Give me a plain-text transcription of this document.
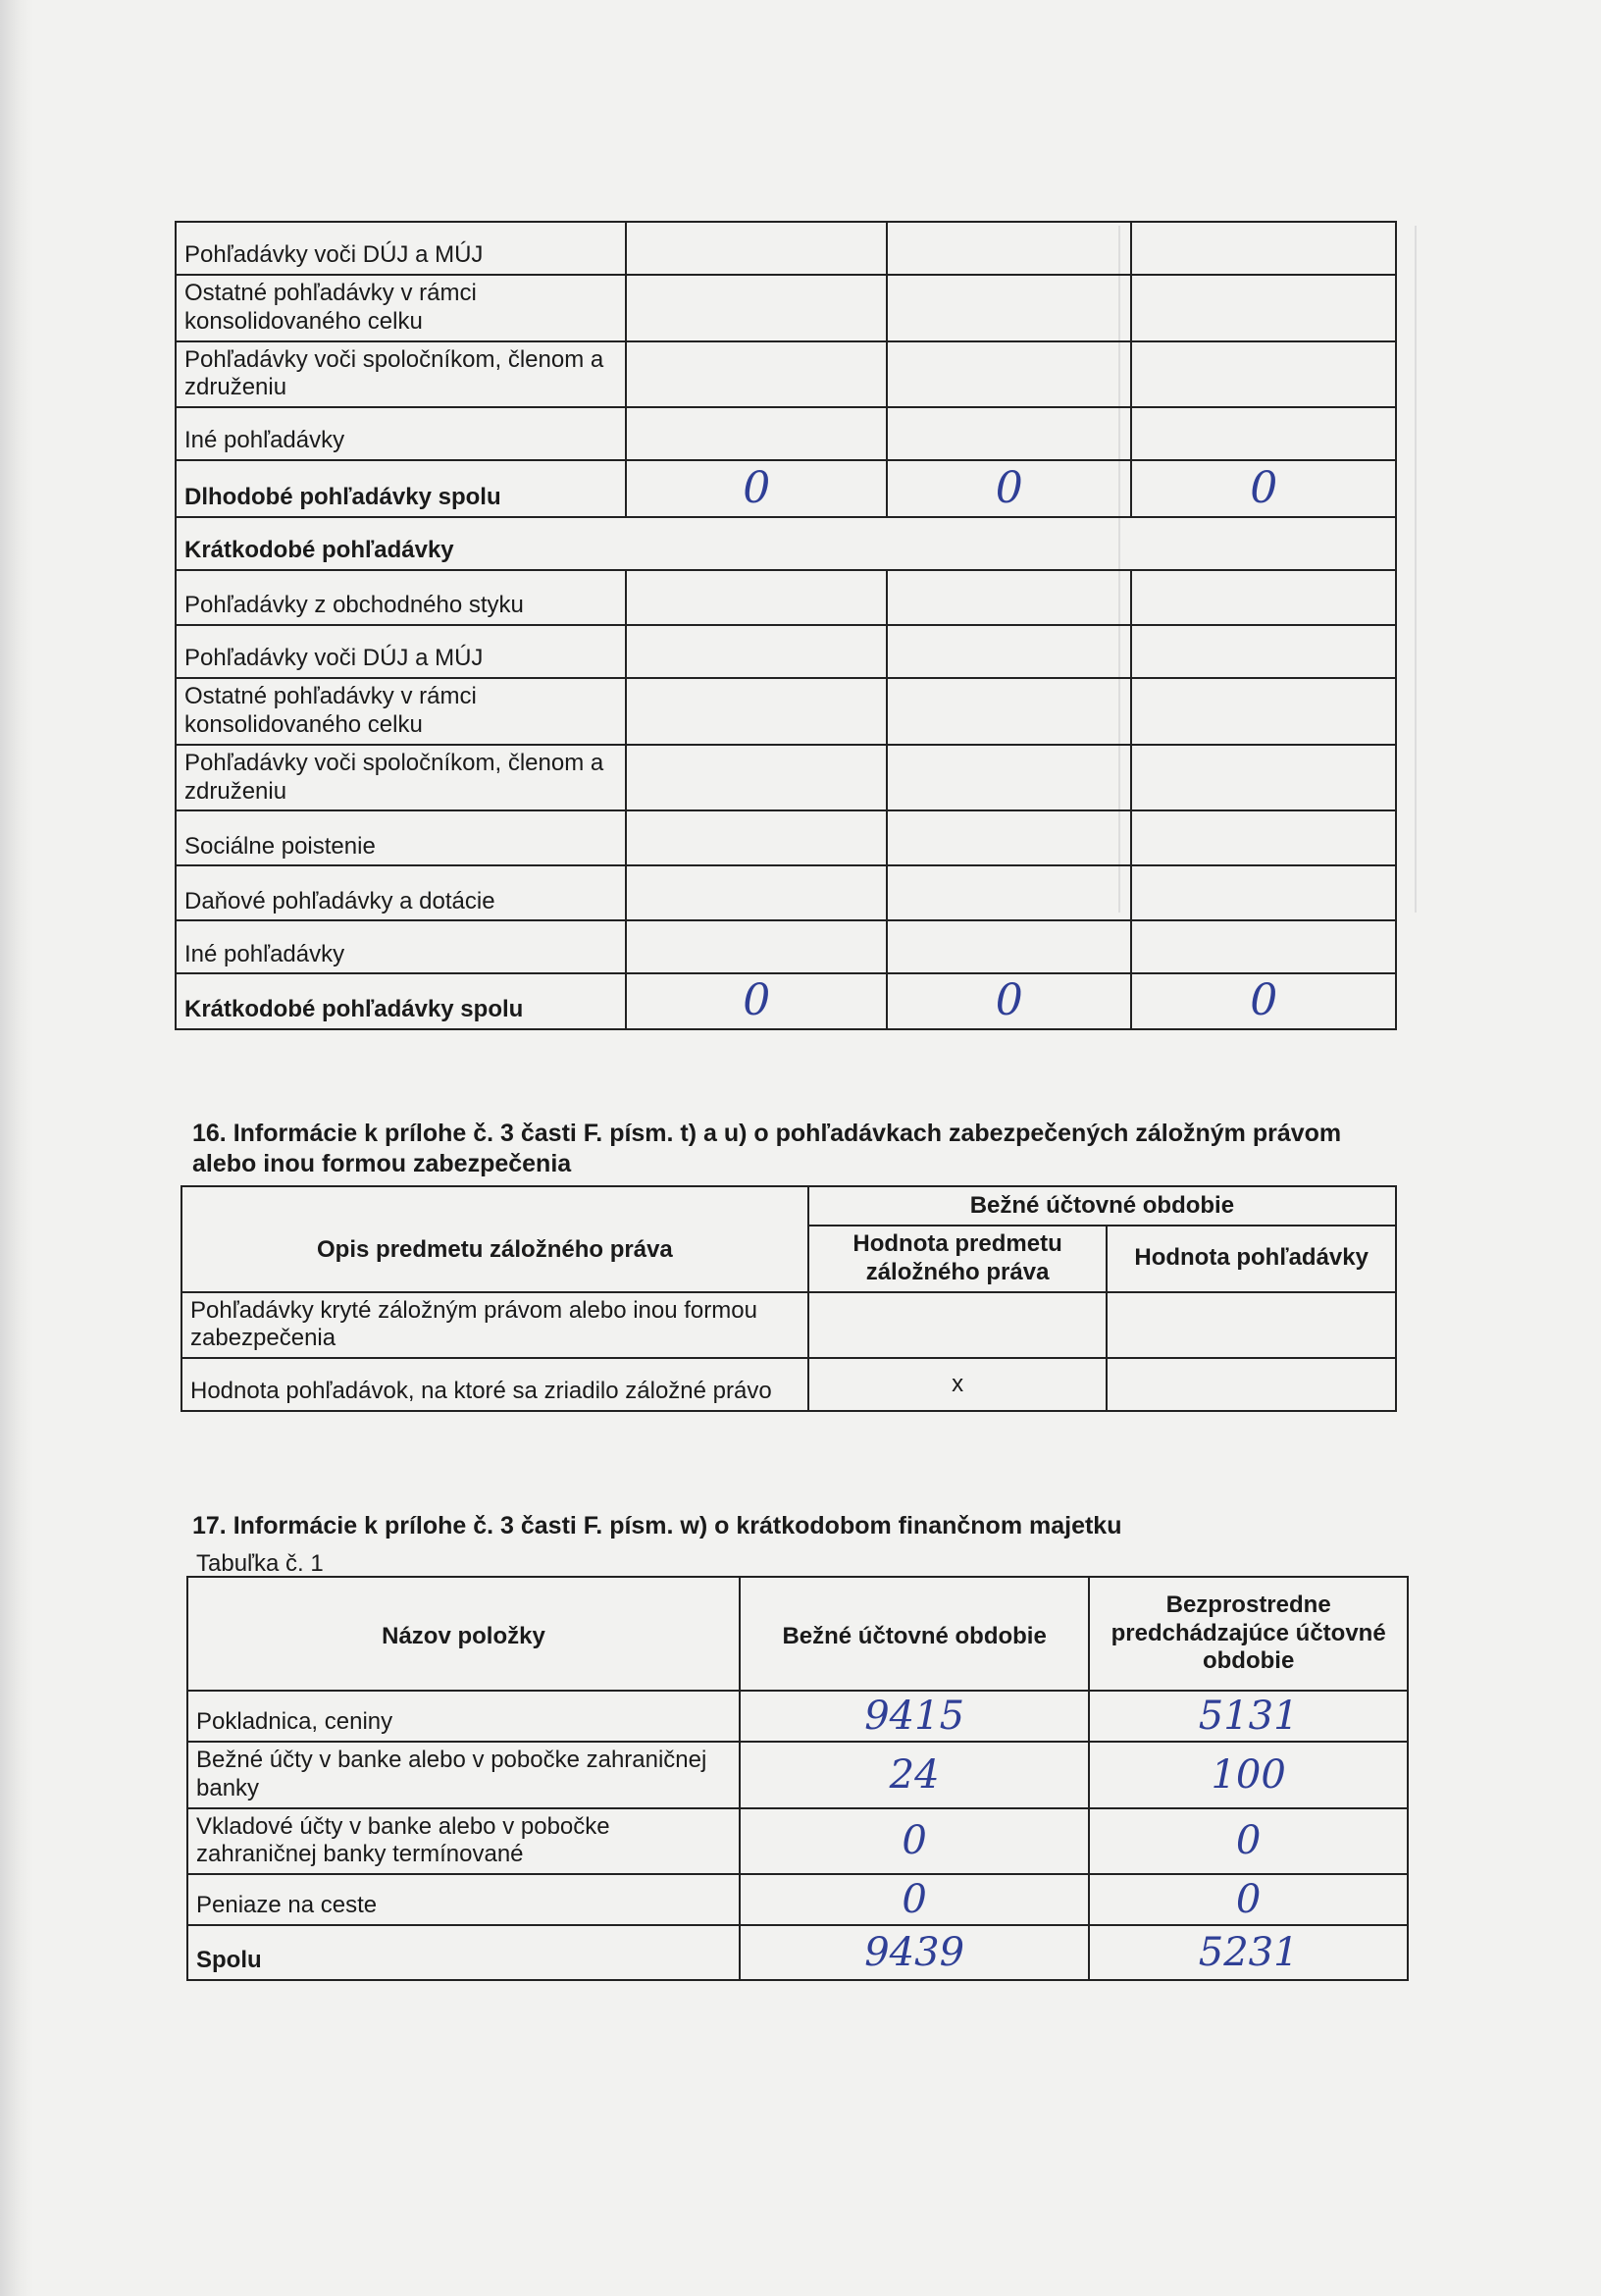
Pohľadávky voči DÚJ a MÚJ			
Ostatné pohľadávky v rámci konsolidovaného celku			
Pohľadávky voči spoločníkom, členom a združeniu			
Iné pohľadávky			
Dlhodobé pohľadávky spolu	0	0	0
Krátkodobé pohľadávky			
Pohľadávky z obchodného styku			
Pohľadávky voči DÚJ a MÚJ			
Ostatné pohľadávky v rámci konsolidovaného celku			
Pohľadávky voči spoločníkom, členom a združeniu			
Sociálne poistenie			
Daňové pohľadávky a dotácie			
Iné pohľadávky			
Krátkodobé pohľadávky spolu	0	0	0
16. Informácie k prílohe č. 3 časti F. písm. t) a u) o pohľadávkach zabezpečených záložným právom alebo inou formou zabezpečenia
Opis predmetu záložného práva	Bežné účtovné obdobie	
	Hodnota predmetu záložného práva	Hodnota pohľadávky
Pohľadávky kryté záložným právom alebo inou formou zabezpečenia		
Hodnota pohľadávok, na ktoré sa zriadilo záložné právo	x	
17. Informácie k prílohe č. 3 časti F. písm. w) o krátkodobom finančnom majetku
Tabuľka č. 1
Názov položky	Bežné účtovné obdobie	Bezprostredne predchádzajúce účtovné obdobie
Pokladnica, ceniny	9415	5131
Bežné účty v banke alebo v pobočke zahraničnej banky	24	100
Vkladové účty v banke alebo v pobočke zahraničnej banky termínované	0	0
Peniaze na ceste	0	0
Spolu	9439	5231
